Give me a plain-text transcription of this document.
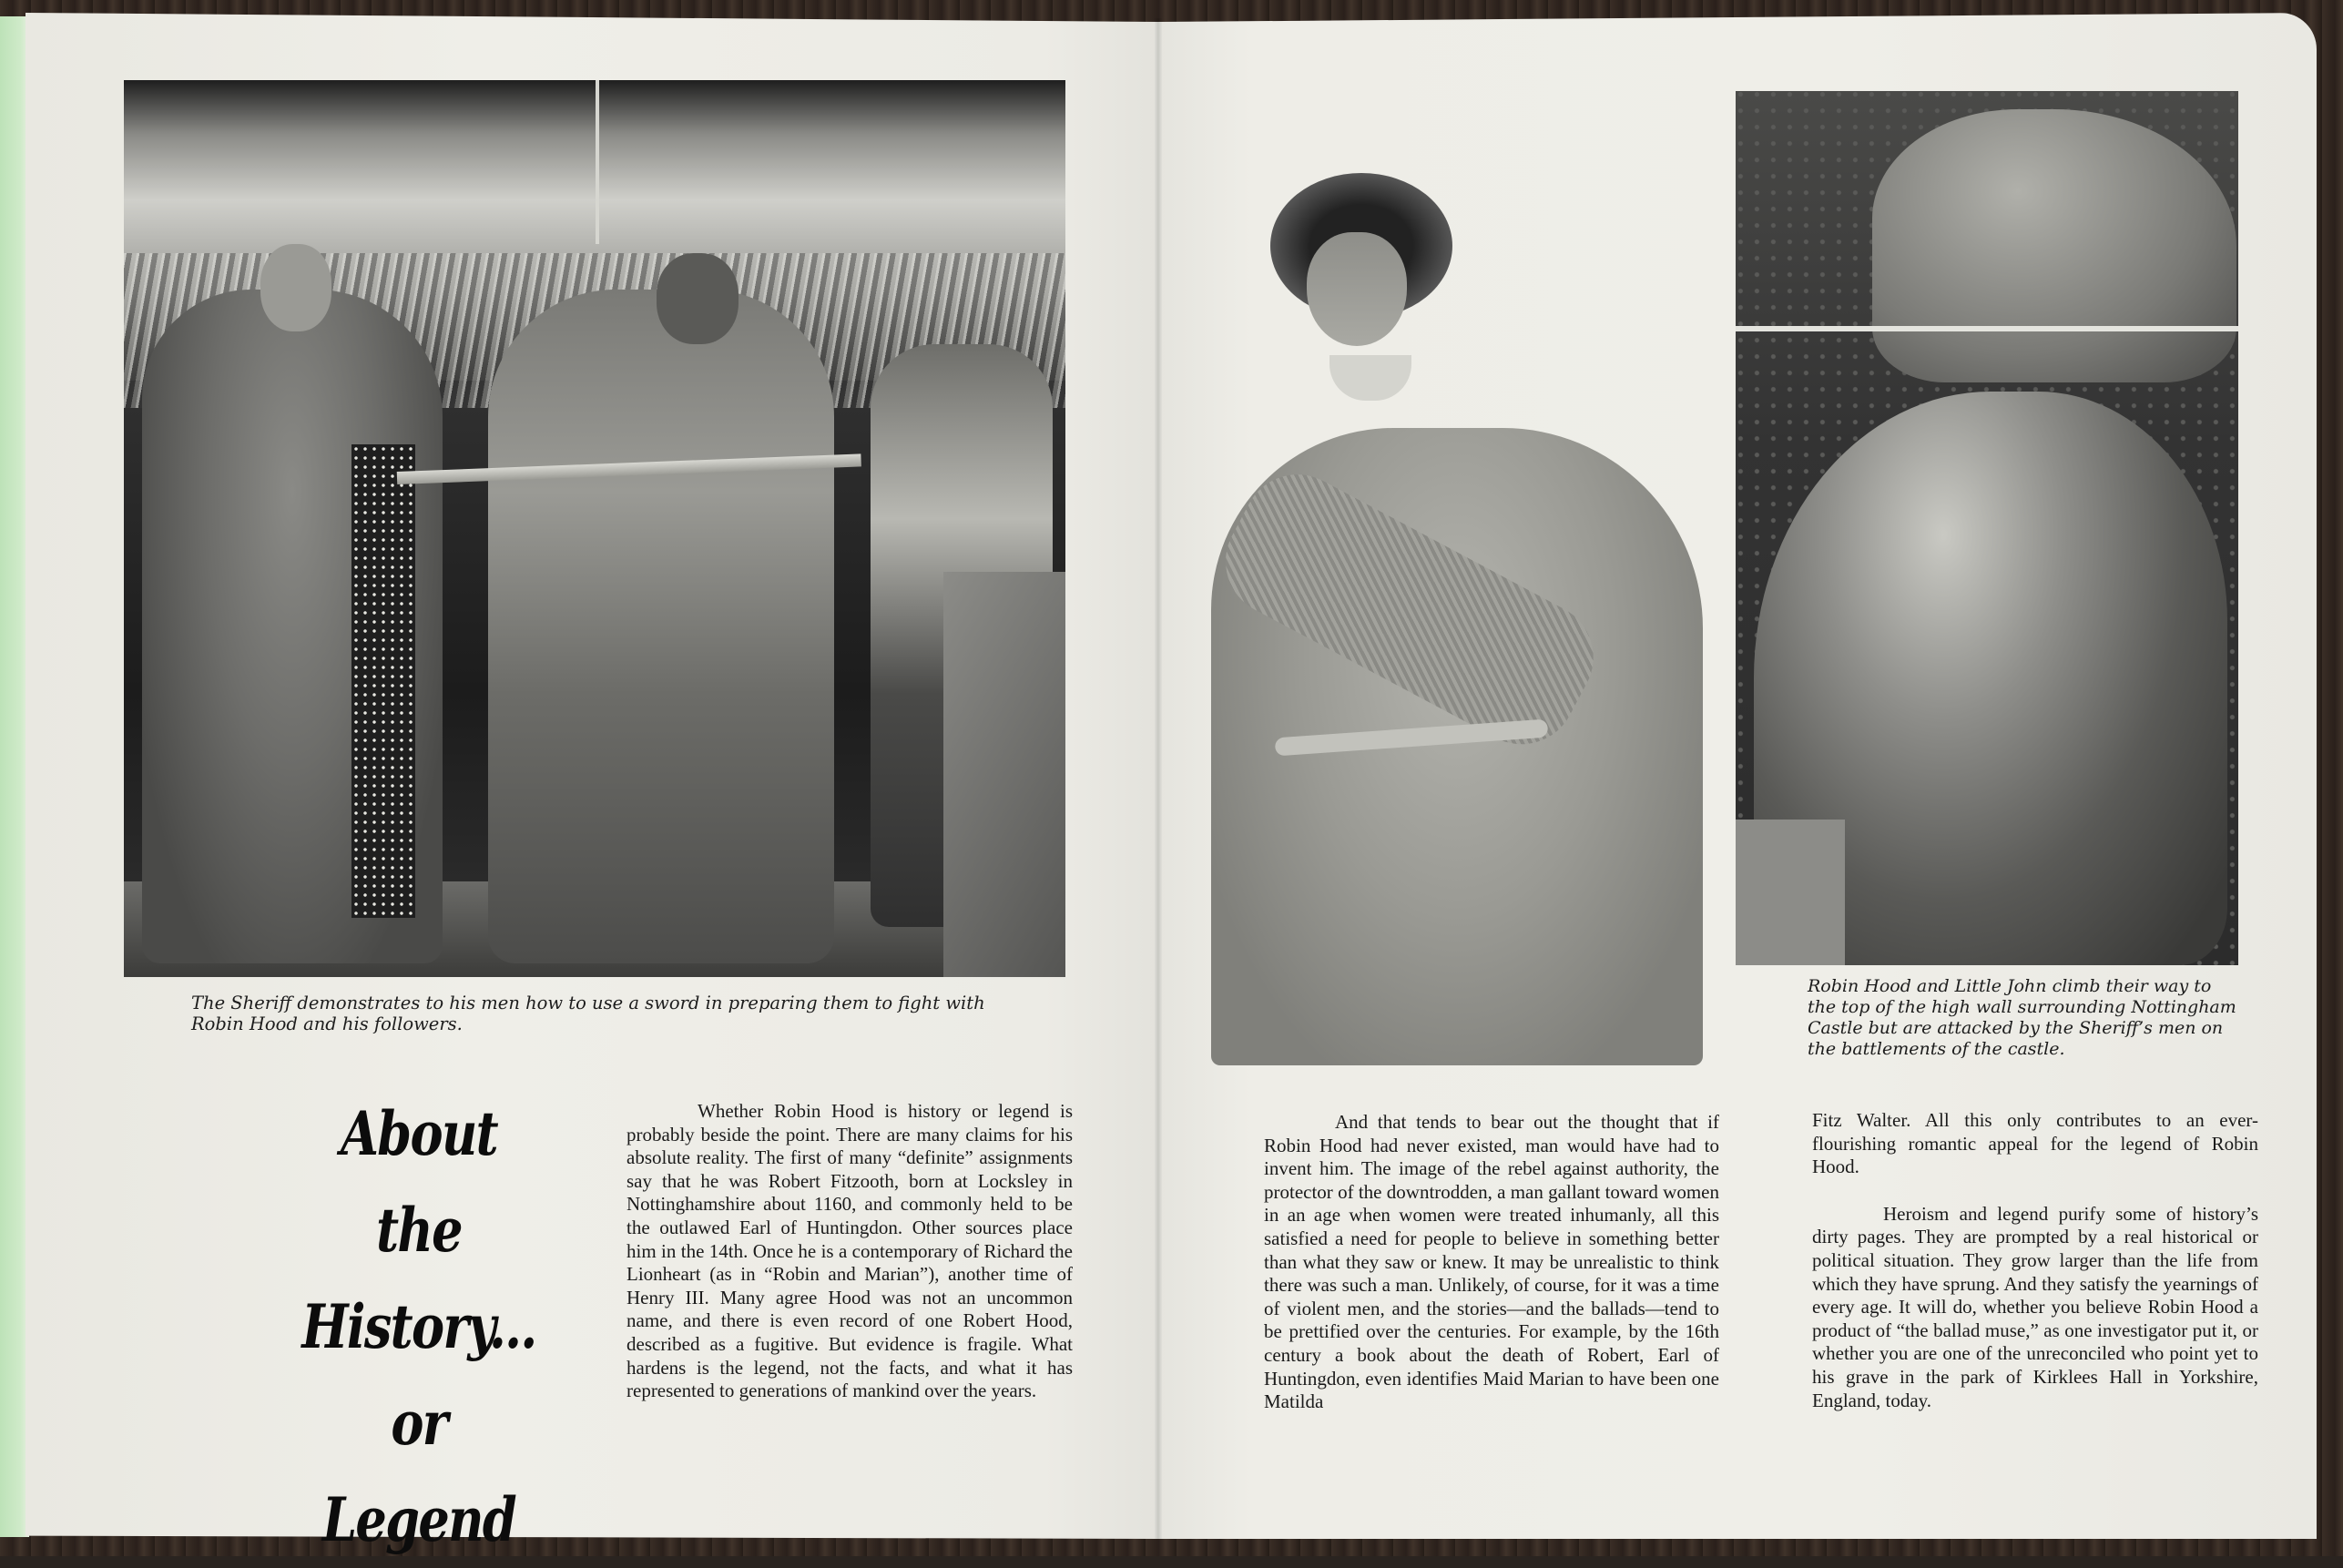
The Sheriff demonstrates to his men how to use a sword in preparing them to fight with Robin Hood and his followers.
About the
History...
or Legend

Whether Robin Hood is history or legend is probably beside the point. There are many claims for his absolute reality. The first of many “definite” assignments say that he was Robert Fitzooth, born at Locksley in Nottinghamshire about 1160, and commonly held to be the outlawed Earl of Huntingdon. Other sources place him in the 14th. Once he is a contemporary of Richard the Lionheart (as in “Robin and Marian”), another time of Henry III. Many agree Hood was not an uncommon name, and there is even record of one Robert Hood, described as a fugitive. But evidence is fragile. What hardens is the legend, not the facts, and what it has represented to generations of mankind over the years.

Robin Hood and Little John climb their way to the top of the high wall surrounding Nottingham Castle but are attacked by the Sheriff’s men on the battlements of the castle.

And that tends to bear out the thought that if Robin Hood had never existed, man would have had to invent him. The image of the rebel against authority, the protector of the downtrodden, a man gallant toward women in an age when women were treated inhumanly, all this satisfied a need for people to believe in something better than what they saw or knew. It may be unrealistic to think there was such a man. Unlikely, of course, for it was a time of violent men, and the stories—and the ballads—tend to be prettified over the centuries. For example, by the 16th century a book about the death of Robert, Earl of Huntingdon, even identifies Maid Marian to have been one Matilda

Fitz Walter. All this only contributes to an ever-flourishing romantic appeal for the legend of Robin Hood.

Heroism and legend purify some of history’s dirty pages. They are prompted by a real historical or political situation. They grow larger than the life from which they have sprung. And they satisfy the yearnings of every age. It will do, whether you believe Robin Hood a product of “the ballad muse,” as one investigator put it, or whether you are one of the unreconciled who point yet to his grave in the park of Kirklees Hall in Yorkshire, England, today.
